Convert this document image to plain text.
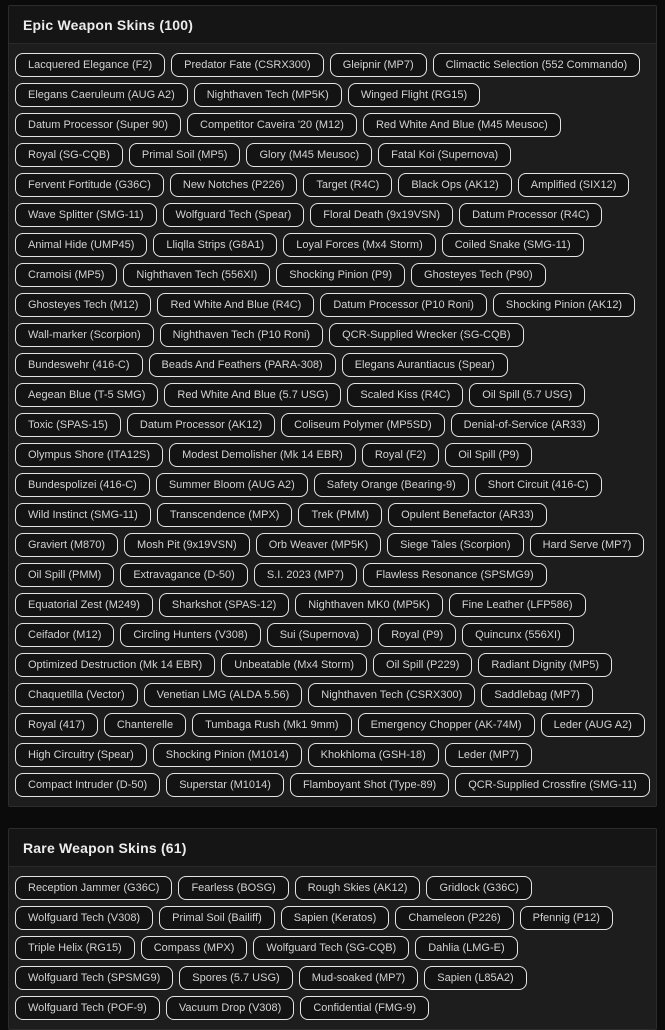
Epic Weapon Skins (100)
Lacquered Elegance (F2)	Predator Fate (CSRX300)	Gleipnir (MP7)	Climactic Selection (552 Commando)
Elegans Caeruleum (AUG A2)	Nighthaven Tech (MP5K)	Winged Flight (RG15)
Datum Processor (Super 90)	Competitor Caveira '20 (M12)	Red White And Blue (M45 Meusoc)
Royal (SG-CQB)	Primal Soil (MP5)	Glory (M45 Meusoc)	Fatal Koi (Supernova)
Fervent Fortitude (G36C)	New Notches (P226)	Target (R4C)	Black Ops (AK12)	Amplified (SIX12)
Wave Splitter (SMG-11)	Wolfguard Tech (Spear)	Floral Death (9x19VSN)	Datum Processor (R4C)
Animal Hide (UMP45)	Lliqlla Strips (G8A1)	Loyal Forces (Mx4 Storm)	Coiled Snake (SMG-11)
Cramoisi (MP5)	Nighthaven Tech (556XI)	Shocking Pinion (P9)	Ghosteyes Tech (P90)
Ghosteyes Tech (M12)	Red White And Blue (R4C)	Datum Processor (P10 Roni)	Shocking Pinion (AK12)
Wall-marker (Scorpion)	Nighthaven Tech (P10 Roni)	QCR-Supplied Wrecker (SG-CQB)
Bundeswehr (416-C)	Beads And Feathers (PARA-308)	Elegans Aurantiacus (Spear)
Aegean Blue (T-5 SMG)	Red White And Blue (5.7 USG)	Scaled Kiss (R4C)	Oil Spill (5.7 USG)
Toxic (SPAS-15)	Datum Processor (AK12)	Coliseum Polymer (MP5SD)	Denial-of-Service (AR33)
Olympus Shore (ITA12S)	Modest Demolisher (Mk 14 EBR)	Royal (F2)	Oil Spill (P9)
Bundespolizei (416-C)	Summer Bloom (AUG A2)	Safety Orange (Bearing-9)	Short Circuit (416-C)
Wild Instinct (SMG-11)	Transcendence (MPX)	Trek (PMM)	Opulent Benefactor (AR33)
Graviert (M870)	Mosh Pit (9x19VSN)	Orb Weaver (MP5K)	Siege Tales (Scorpion)	Hard Serve (MP7)
Oil Spill (PMM)	Extravagance (D-50)	S.I. 2023 (MP7)	Flawless Resonance (SPSMG9)
Equatorial Zest (M249)	Sharkshot (SPAS-12)	Nighthaven MK0 (MP5K)	Fine Leather (LFP586)
Ceifador (M12)	Circling Hunters (V308)	Sui (Supernova)	Royal (P9)	Quincunx (556XI)
Optimized Destruction (Mk 14 EBR)	Unbeatable (Mx4 Storm)	Oil Spill (P229)	Radiant Dignity (MP5)
Chaquetilla (Vector)	Venetian LMG (ALDA 5.56)	Nighthaven Tech (CSRX300)	Saddlebag (MP7)
Royal (417)	Chanterelle	Tumbaga Rush (Mk1 9mm)	Emergency Chopper (AK-74M)	Leder (AUG A2)
High Circuitry (Spear)	Shocking Pinion (M1014)	Khokhloma (GSH-18)	Leder (MP7)
Compact Intruder (D-50)	Superstar (M1014)	Flamboyant Shot (Type-89)	QCR-Supplied Crossfire (SMG-11)
Rare Weapon Skins (61)
Reception Jammer (G36C)	Fearless (BOSG)	Rough Skies (AK12)	Gridlock (G36C)
Wolfguard Tech (V308)	Primal Soil (Bailiff)	Sapien (Keratos)	Chameleon (P226)	Pfennig (P12)
Triple Helix (RG15)	Compass (MPX)	Wolfguard Tech (SG-CQB)	Dahlia (LMG-E)
Wolfguard Tech (SPSMG9)	Spores (5.7 USG)	Mud-soaked (MP7)	Sapien (L85A2)
Wolfguard Tech (POF-9)	Vacuum Drop (V308)	Confidential (FMG-9)
